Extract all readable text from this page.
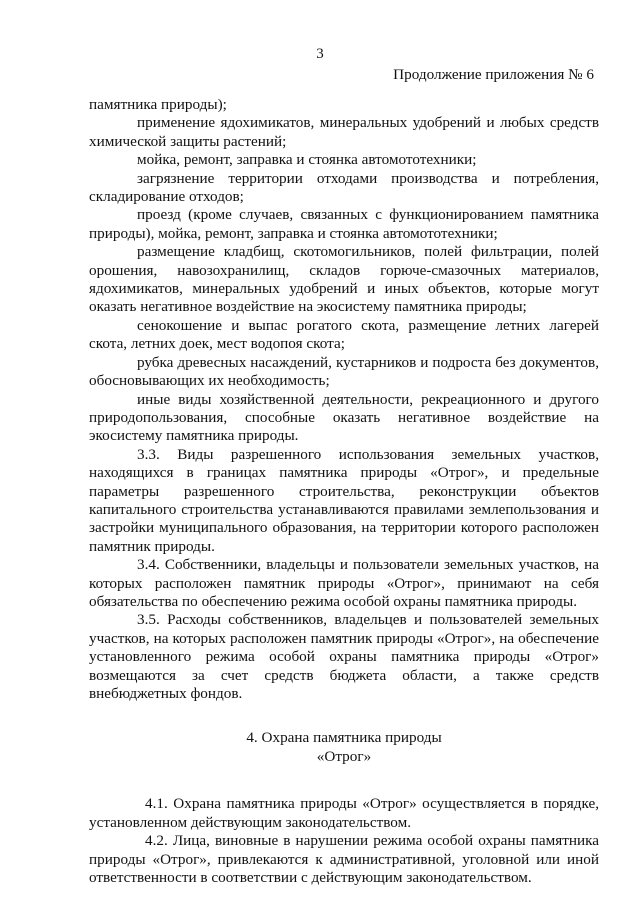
3
Продолжение приложения № 6

памятника природы);

применение ядохимикатов, минеральных удобрений и любых средств химической защиты растений;

мойка, ремонт, заправка и стоянка автомототехники;

загрязнение территории отходами производства и потребления, складирование отходов;

проезд (кроме случаев, связанных с функционированием памятника природы), мойка, ремонт, заправка и стоянка автомототехники;

размещение кладбищ, скотомогильников, полей фильтрации, полей орошения, навозохранилищ, складов горюче-смазочных материалов, ядохимикатов, минеральных удобрений и иных объектов, которые могут оказать негативное воздействие на экосистему памятника природы;

сенокошение и выпас рогатого скота, размещение летних лагерей скота, летних доек, мест водопоя скота;

рубка древесных насаждений, кустарников и подроста без документов, обосновывающих их необходимость;

иные виды хозяйственной деятельности, рекреационного и другого природопользования, способные оказать негативное воздействие на экосистему памятника природы.

3.3. Виды разрешенного использования земельных участков, находящихся в границах памятника природы «Отрог», и предельные параметры разрешенного строительства, реконструкции объектов капитального строительства устанавливаются правилами землепользования и застройки муниципального образования, на территории которого расположен памятник природы.

3.4. Собственники, владельцы и пользователи земельных участков, на которых расположен памятник природы «Отрог», принимают на себя обязательства по обеспечению режима особой охраны памятника природы.

3.5. Расходы собственников, владельцев и пользователей земельных участков, на которых расположен памятник природы «Отрог», на обеспечение установленного режима особой охраны памятника природы «Отрог» возмещаются за счет средств бюджета области, а также средств внебюджетных фондов.

4. Охрана памятника природы
«Отрог»

4.1. Охрана памятника природы «Отрог» осуществляется в порядке, установленном действующим законодательством.

4.2. Лица, виновные в нарушении режима особой охраны памятника природы «Отрог», привлекаются к административной, уголовной или иной ответственности в соответствии с действующим законодательством.
